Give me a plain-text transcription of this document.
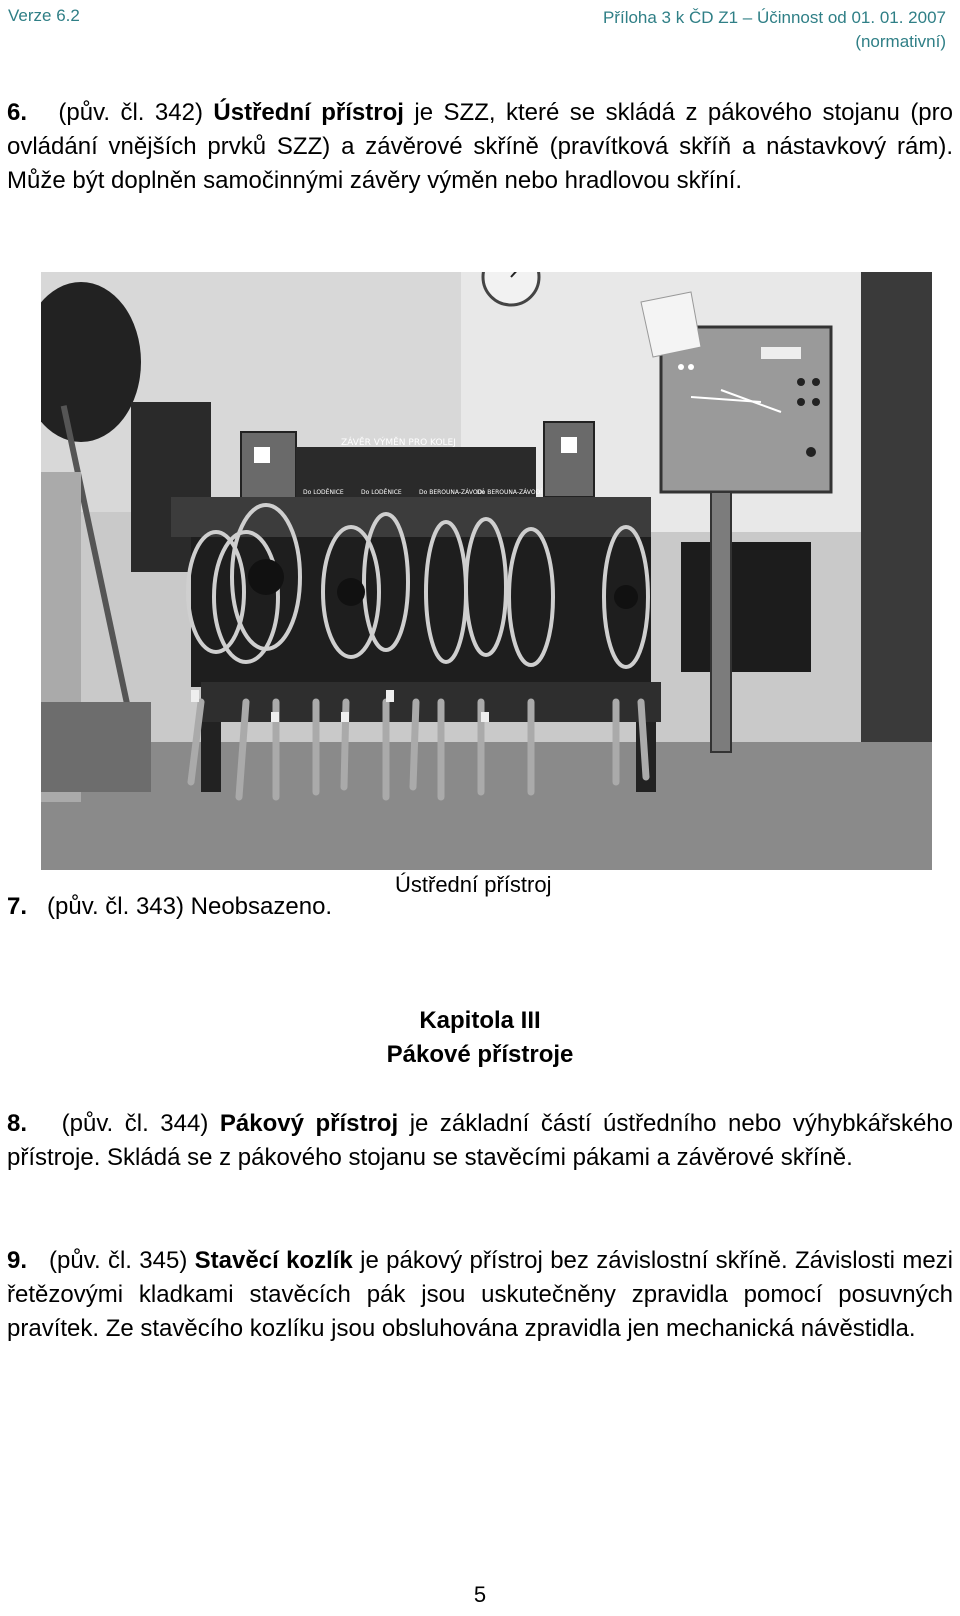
Verze 6.2	Příloha 3 k ČD Z1 – Účinnost od 01. 01. 2007
(normativní)
6. (pův. čl. 342) Ústřední přístroj je SZZ, které se skládá z pákového stojanu (pro ovládání vnějších prvků SZZ) a závěrové skříně (pravítková skříň a nástavkový rám). Může být doplněn samočinnými závěry výměn nebo hradlovou skříní.
ZÁVĚR VÝMĚN PRO KOLEJ
Do LODĚNICE	Do LODĚNICE	Do BEROUNA-ZÁVODÍ
Do BEROUNA-ZÁVODÍ
Ústřední přístroj
7. (pův. čl. 343) Neobsazeno.
Kapitola III
Pákové přístroje
8. (pův. čl. 344) Pákový přístroj je základní částí ústředního nebo výhybkářského přístroje. Skládá se z pákového stojanu se stavěcími pákami a závěrové skříně.
9. (pův. čl. 345) Stavěcí kozlík je pákový přístroj bez závislostní skříně. Závislosti mezi řetězovými kladkami stavěcích pák jsou uskutečněny zpravidla pomocí posuvných pravítek. Ze stavěcího kozlíku jsou obsluhována zpravidla jen mechanická návěstidla.
5
